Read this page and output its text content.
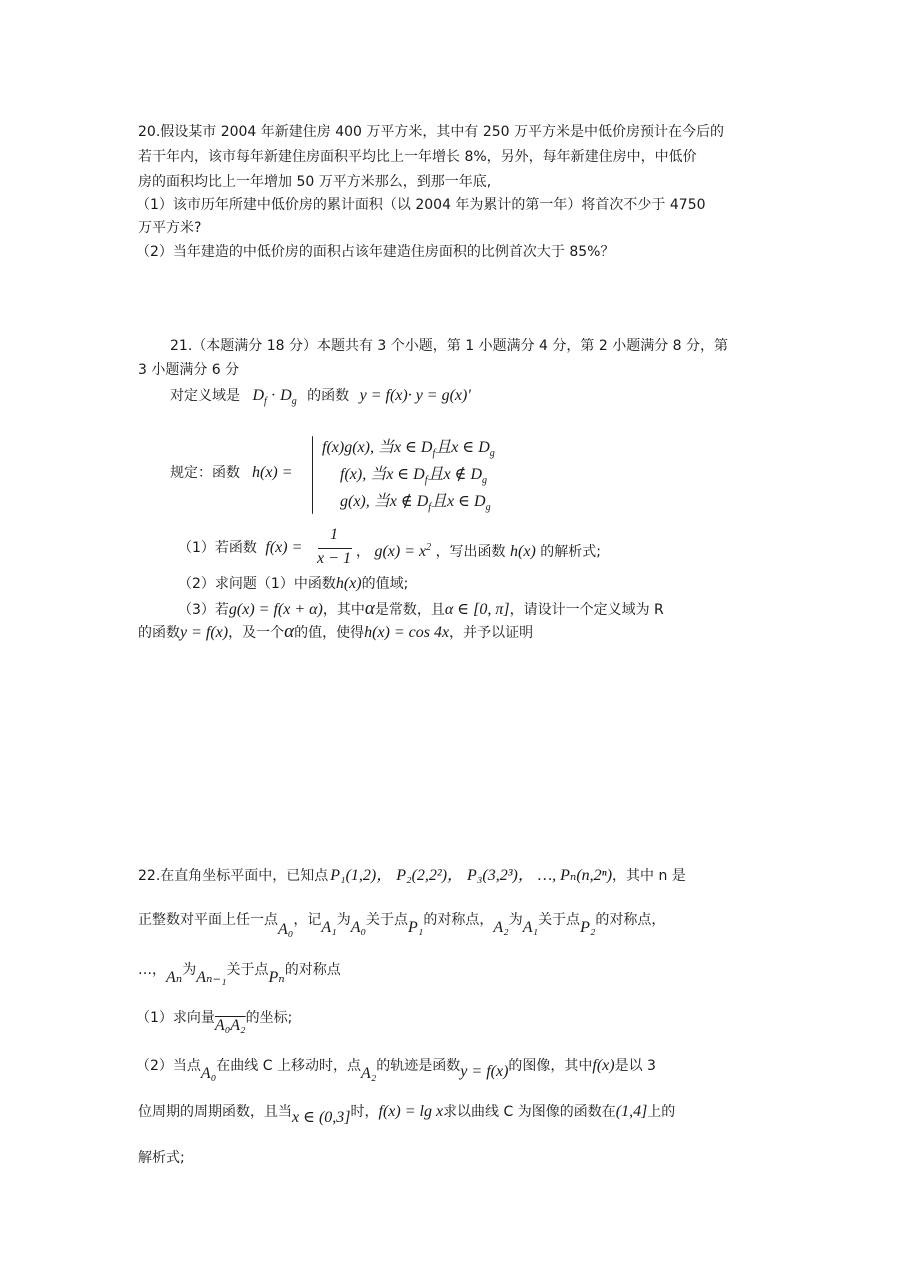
20.假设某市 2004 年新建住房 400 万平方米，其中有 250 万平方米是中低价房预计在今后的
若干年内，该市每年新建住房面积平均比上一年增长 8%，另外，每年新建住房中，中低价
房的面积均比上一年增加 50 万平方米那么，到那一年底,
（1）该市历年所建中低价房的累计面积（以 2004 年为累计的第一年）将首次不少于 4750
万平方米?
（2）当年建造的中低价房的面积占该年建造住房面积的比例首次大于 85%？
21.（本题满分 18 分）本题共有 3 个小题，第 1 小题满分 4 分，第 2 小题满分 8 分，第
3 小题满分 6 分
对定义域是 $D_f \cdot D_g$ 的函数 y = f(x)· y = g(x)′
规定：函数 h(x) =
f(x)g(x), 当x ∈ $D_f$且x ∈ $D_g$
f(x), 当x ∈ $D_f$且x ∉ $D_g$
g(x), 当x ∉ $D_f$且x ∈ $D_g$
（1）若函数 f(x) =
1
x − 1 ， $g(x) = x^2$ ，写出函数 h(x) 的解析式;
（2）求问题（1）中函数h(x)的值域;
（3）若g(x) = f(x + α)，其中α是常数，且α ∈ [0, π]，请设计一个定义域为 R
的函数y = f(x)，及一个α的值，使得h(x) = cos 4x，并予以证明
22.在直角坐标平面中，已知点 P₁(1,2)， P₂(2,2²)， P₃(3,2³)， …, Pₙ(n,2ⁿ)，其中 n 是
正整数对平面上任一点A₀，记A₁为A₀关于点P₁的对称点，A₂为A₁关于点P₂的对称点，
…，Aₙ为Aₙ₋₁关于点Pₙ的对称点
（1）求向量A₀A₂的坐标;
（2）当点A₀在曲线 C 上移动时，点A₂的轨迹是函数y = f(x)的图像，其中f(x)是以 3
位周期的周期函数，且当x ∈ (0,3]时，f(x) = lg x求以曲线 C 为图像的函数在(1,4]上的
解析式;
